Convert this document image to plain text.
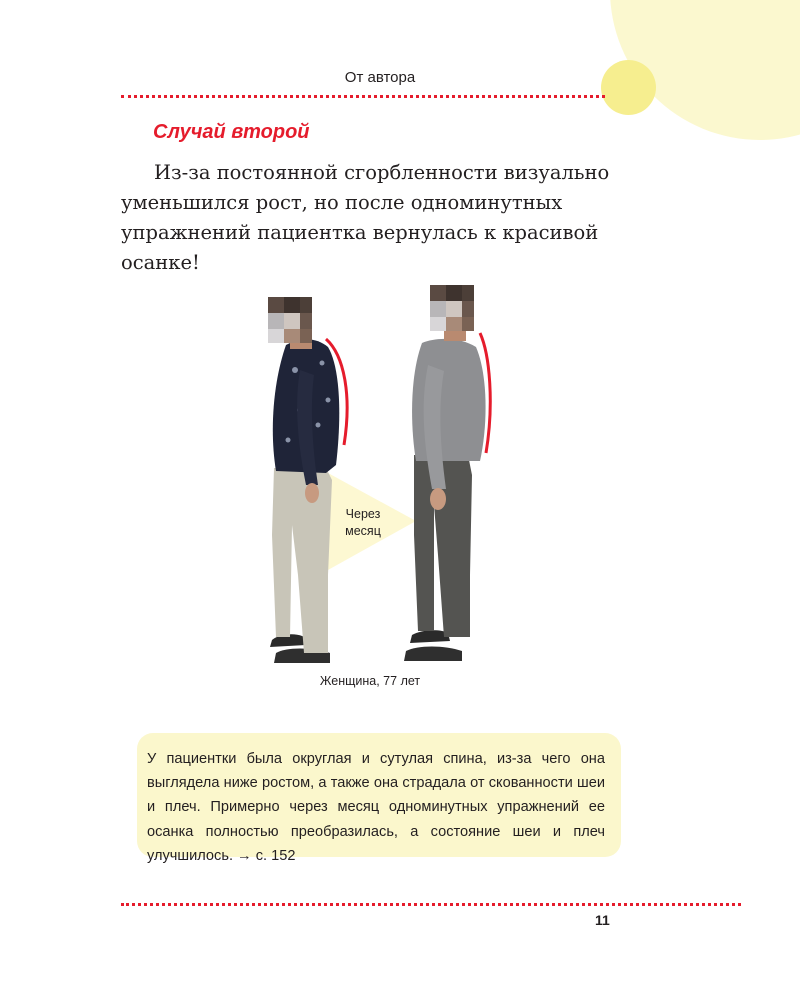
От автора
Случай второй
Из-за постоянной сгорбленности визуально уменьшился рост, но после одноминутных упражнений пациентка вернулась к красивой осанке!
Через месяц
Женщина, 77 лет
У пациентки была округлая и сутулая спина, из-за чего она выглядела ниже ростом, а также она страдала от скованности шеи и плеч. Примерно через месяц одноминутных упражнений ее осанка полностью преобразилась, а состояние шеи и плеч улучшилось. → с. 152
11
